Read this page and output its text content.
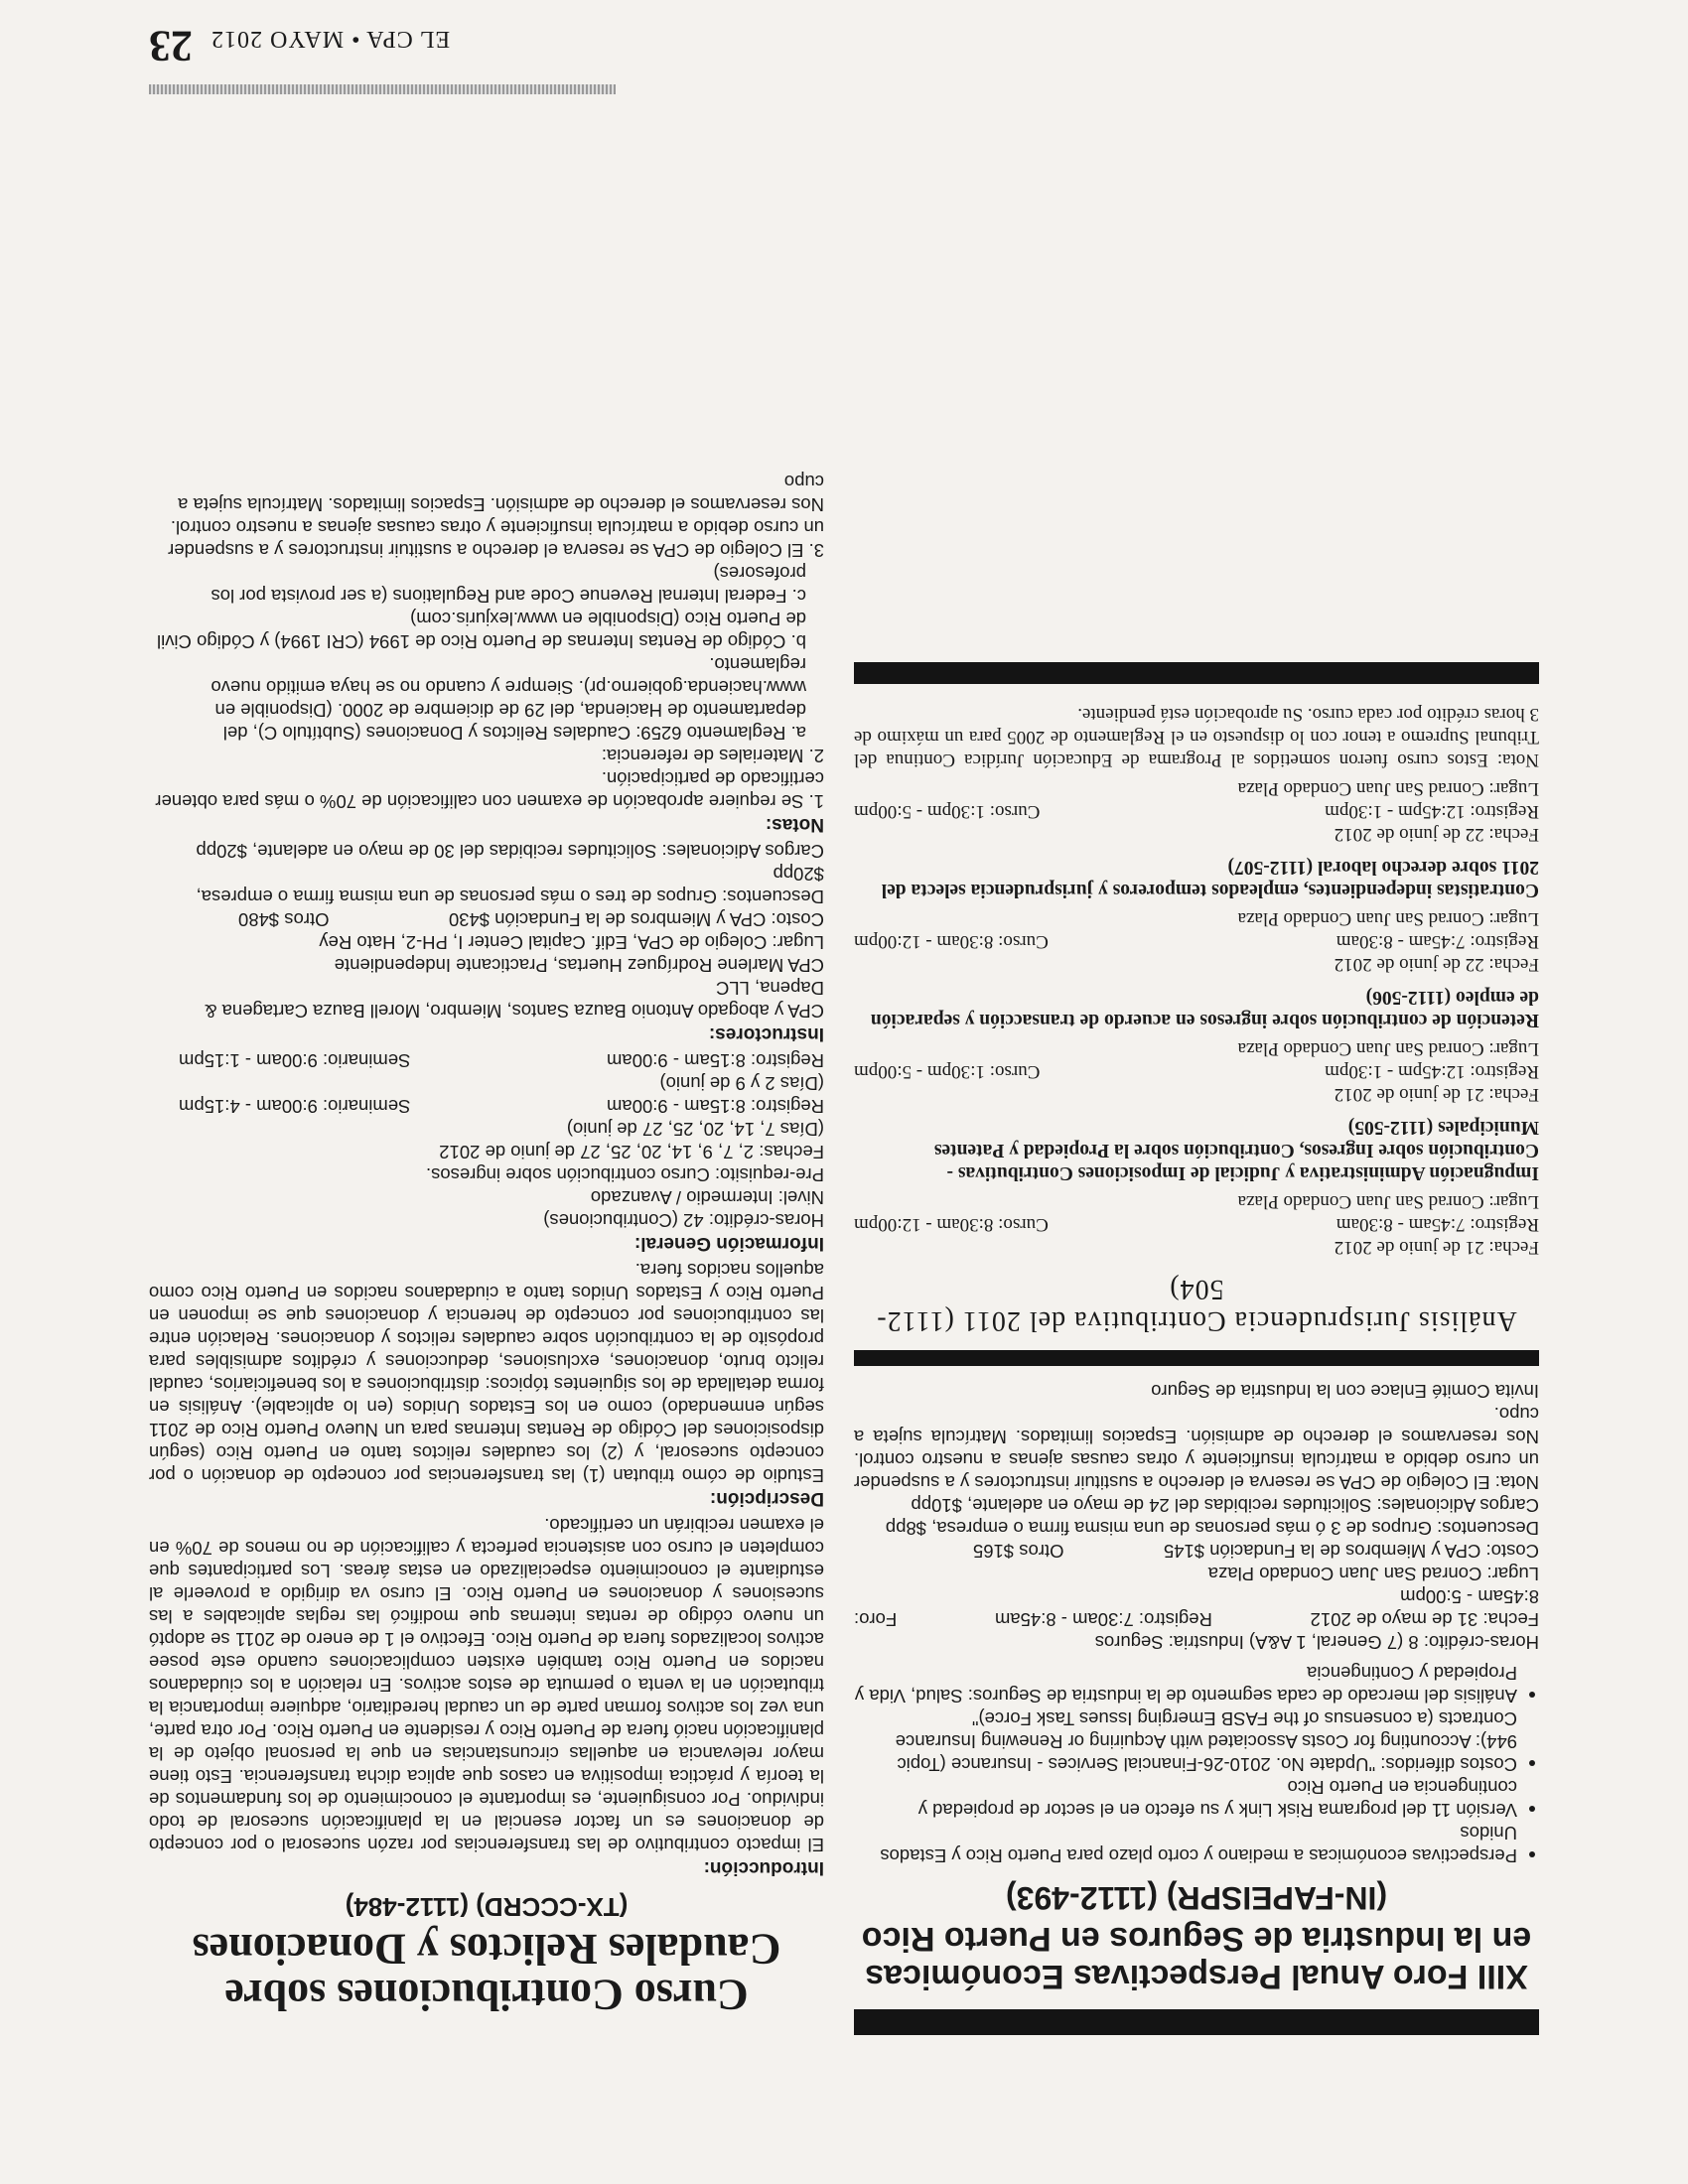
EL CPA • MAYO 2012
23
XIII Foro Anual Perspectivas Económicas en la Industria de Seguros en Puerto Rico
(IN-FAPEISPR) (1112-493)
• Perspectivas económicas a mediano y corto plazo para Puerto Rico y Estados Unidos
• Versión 11 del programa Risk Link y su efecto en el sector de propiedad y contingencia en Puerto Rico
• Costos diferidos: "Update No. 2010-26-Financial Services - Insurance (Topic 944): Accounting for Costs Associated with Acquiring or Renewing Insurance Contracts (a consensus of the FASB Emerging Issues Task Force)"
• Análisis del mercado de cada segmento de la industria de Seguros: Salud, Vida y Propiedad y Contingencia

Horas-crédito: 8 (7 General, 1 A&A) Industria: Seguros

Fecha: 31 de mayo de 2012
Registro: 7:30am - 8:45am
Foro:

8:45am - 5:00pm

Lugar: Conrad San Juan Condado Plaza

Costo: CPA y Miembros de la Fundación $145
Otros $165

Descuentos: Grupos de 3 ó más personas de una misma firma o empresa, $8pp

Cargos Adicionales: Solicitudes recibidas del 24 de mayo en adelante, $10pp

Nota: El Colegio de CPA se reserva el derecho a sustituir instructores y a suspender un curso debido a matrícula insuficiente y otras causas ajenas a nuestro control. Nos reservamos el derecho de admisión. Espacios limitados. Matrícula sujeta a cupo.

Invita Comité Enlace con la Industria de Seguro

Análisis Jurisprudencia Contributiva del 2011 (1112-504)
Fecha: 21 de junio de 2012
Registro: 7:45am - 8:30am
Curso: 8:30am - 12:00pm
Lugar: Conrad San Juan Condado Plaza
Impugnación Administrativa y Judicial de Imposiciones Contributivas - Contribución sobre Ingresos, Contribución sobre la Propiedad y Patentes Municipales (1112-505)
Fecha: 21 de junio de 2012
Registro: 12:45pm - 1:30pm
Curso: 1:30pm - 5:00pm
Lugar: Conrad San Juan Condado Plaza
Retención de contribución sobre ingresos en acuerdo de transacción y separación de empleo (1112-506)
Fecha: 22 de junio de 2012
Registro: 7:45am - 8:30am
Curso: 8:30am - 12:00pm
Lugar: Conrad San Juan Condado Plaza
Contratistas independientes, empleados temporeros y jurisprudencia selecta del 2011 sobre derecho laboral (1112-507)
Fecha: 22 de junio de 2012
Registro: 12:45pm - 1:30pm
Curso: 1:30pm - 5:00pm
Lugar: Conrad San Juan Condado Plaza

Nota: Estos curso fueron sometidos al Programa de Educación Jurídica Continua del Tribunal Supremo a tenor con lo dispuesto en el Reglamento de 2005 para un máximo de 3 horas crédito por cada curso. Su aprobación está pendiente.

Curso Contribuciones sobre Caudales Relictos y Donaciones
(TX-CCCRD) (1112-484)
Introducción:

El impacto contributivo de las transferencias por razón sucesoral o por concepto de donaciones es un factor esencial en la planificación sucesoral de todo individuo. Por consiguiente, es importante el conocimiento de los fundamentos de la teoría y práctica impositiva en casos que aplica dicha transferencia. Esto tiene mayor relevancia en aquellas circunstancias en que la personal objeto de la planificación nació fuera de Puerto Rico y residente en Puerto Rico. Por otra parte, una vez los activos forman parte de un caudal hereditario, adquiere importancia la tributación en la venta o permuta de estos activos. En relación a los ciudadanos nacidos en Puerto Rico también existen complicaciones cuando este posee activos localizados fuera de Puerto Rico. Efectivo el 1 de enero de 2011 se adoptó un nuevo código de rentas internas que modificó las reglas aplicables a las sucesiones y donaciones en Puerto Rico. El curso va dirigido a proveerle al estudiante el conocimiento especializado en estas áreas. Los participantes que completen el curso con asistencia perfecta y calificación de no menos de 70% en el examen recibirán un certificado.

Descripción:

Estudio de cómo tributan (1) las transferencias por concepto de donación o por concepto sucesoral, y (2) los caudales relictos tanto en Puerto Rico (según disposiciones del Código de Rentas Internas para un Nuevo Puerto Rico de 2011 según enmendado) como en los Estados Unidos (en lo aplicable). Análisis en forma detallada de los siguientes tópicos: distribuciones a los beneficiarios, caudal relicto bruto, donaciones, exclusiones, deducciones y créditos admisibles para propósito de la contribución sobre caudales relictos y donaciones. Relación entre las contribuciones por concepto de herencia y donaciones que se imponen en Puerto Rico y Estados Unidos tanto a ciudadanos nacidos en Puerto Rico como aquellos nacidos fuera.

Información General:

Horas-crédito: 42 (Contribuciones)

Nivel: Intermedio / Avanzado

Pre-requisito: Curso contribución sobre ingresos.

Fechas: 2, 7, 9, 14, 20, 25, 27 de junio de 2012

(Días 7, 14, 20, 25, 27 de junio)

Registro: 8:15am - 9:00am
Seminario: 9:00am - 4:15pm

(Días 2 y 9 de junio)

Registro: 8:15am - 9:00am
Seminario: 9:00am - 1:15pm
Instructores:

CPA y abogado Antonio Bauza Santos, Miembro, Morell Bauza Cartagena & Dapena, LLC

CPA Marlene Rodríguez Huertas, Practicante Independiente

Lugar: Colegio de CPA, Edif. Capital Center I, PH-2, Hato Rey

Costo: CPA y Miembros de la Fundación $430
Otros $480

Descuentos: Grupos de tres o más personas de una misma firma o empresa, $20pp

Cargos Adicionales: Solicitudes recibidas del 30 de mayo en adelante, $20pp

Notas:
1. Se requiere aprobación de examen con calificación de 70% o más para obtener certificado de participación.
2. Materiales de referencia:
a. Reglamento 6259: Caudales Relictos y Donaciones (Subtítulo C), del departamento de Hacienda, del 29 de diciembre de 2000. (Disponible en www.hacienda.gobierno.pr). Siempre y cuando no se haya emitido nuevo reglamento.
b. Código de Rentas Internas de Puerto Rico de 1994 (CRI 1994) y Código Civil de Puerto Rico (Disponible en www.lexjuris.com)
c. Federal Internal Revenue Code and Regulations (a ser provista por los profesores)
3. El Colegio de CPA se reserva el derecho a sustituir instructores y a suspender un curso debido a matrícula insuficiente y otras causas ajenas a nuestro control. Nos reservamos el derecho de admisión. Espacios limitados. Matrícula sujeta a cupo
